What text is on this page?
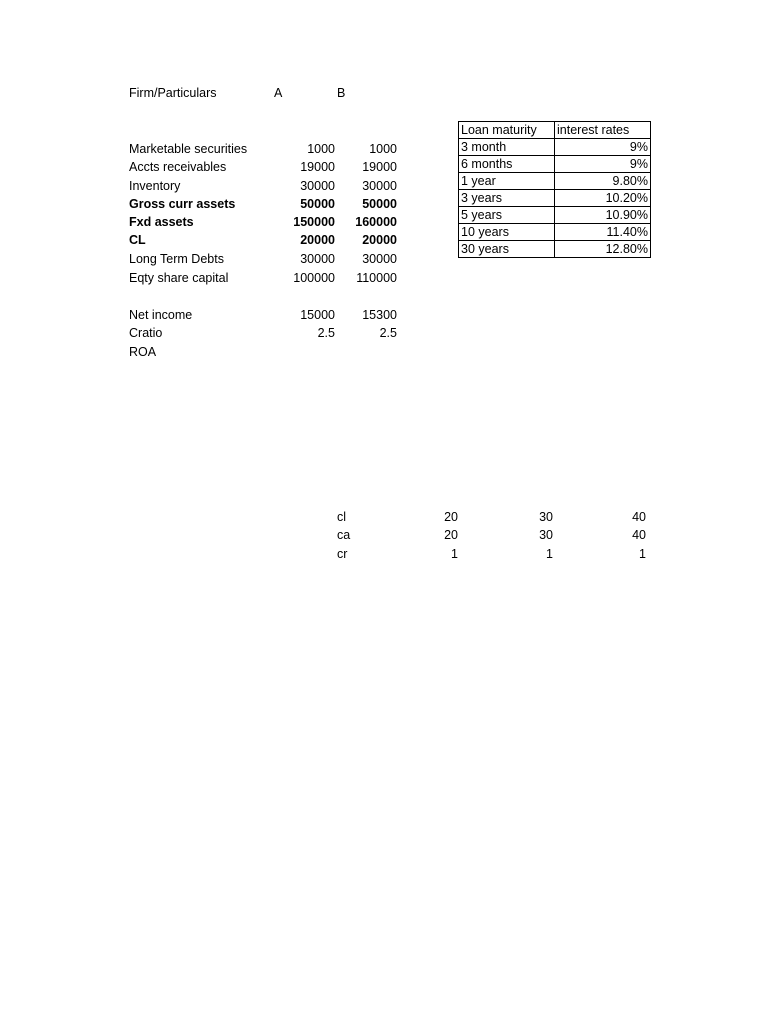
Firm/Particulars	A	B
Marketable securities	1000	1000
Accts receivables	19000	19000
Inventory	30000	30000
Gross curr assets	50000	50000
Fxd assets	150000	160000
CL	20000	20000
Long Term Debts	30000	30000
Eqty share capital	100000	110000
Net income	15000	15300
Cratio	2.5	2.5
ROA
Loan maturity	interest rates
3 month	9%
6 months	9%
1 year	9.80%
3 years	10.20%
5 years	10.90%
10 years	11.40%
30 years	12.80%
cl	20	30	40
ca	20	30	40
cr	1	1	1
